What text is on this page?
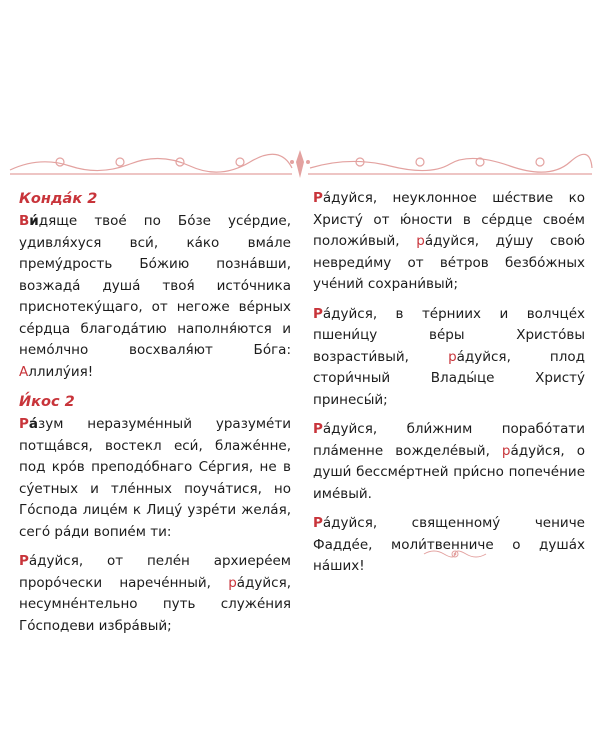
Конда́к 2

Ви́дяще твое́ по Бо́зе усе́рдие, удивля́хуся вси́, ка́ко вма́ле прему́дрость Бо́жию позна́вши, возжада́ душа́ твоя́ исто́чника приснотеку́щаго, от негоже ве́рных се́рдца благода́тию наполня́ются и немо́лчно восхваля́ют Бо́га: Аллилу́ия!

И́кос 2

Ра́зум неразуме́нный уразуме́ти потща́вся, востекл еси́, блаже́нне, под кро́в преподо́бнаго Се́ргия, не в су́етных и тле́нных поуча́тися, но Го́спода лице́м к Лицу́ узре́ти жела́я, сего́ ра́ди вопие́м ти:

Ра́дуйся, от пеле́н архиере́ем проро́чески нарече́нный, ра́дуйся, несумне́нтельно путь служе́ния Го́сподеви избра́вый;

Ра́дуйся, неуклонное ше́ствие ко Христу́ от ю́ности в се́рдце свое́м положи́вый, ра́дуйся, ду́шу свою́ невреди́му от ве́тров безбо́жных уче́ний сохрани́вый;

Ра́дуйся, в те́рниих и волчце́х пшени́цу ве́ры Христо́вы возрасти́вый, ра́дуйся, плод стори́чный Влады́це Христу́ принесы́й;

Ра́дуйся, бли́жним порабо́тати пла́менне вожделе́вый, ра́дуйся, о души́ бессме́ртней при́сно попече́ние име́вый.

Ра́дуйся, священному́ чениче Фадде́е, моли́твенниче о душа́х на́ших!
